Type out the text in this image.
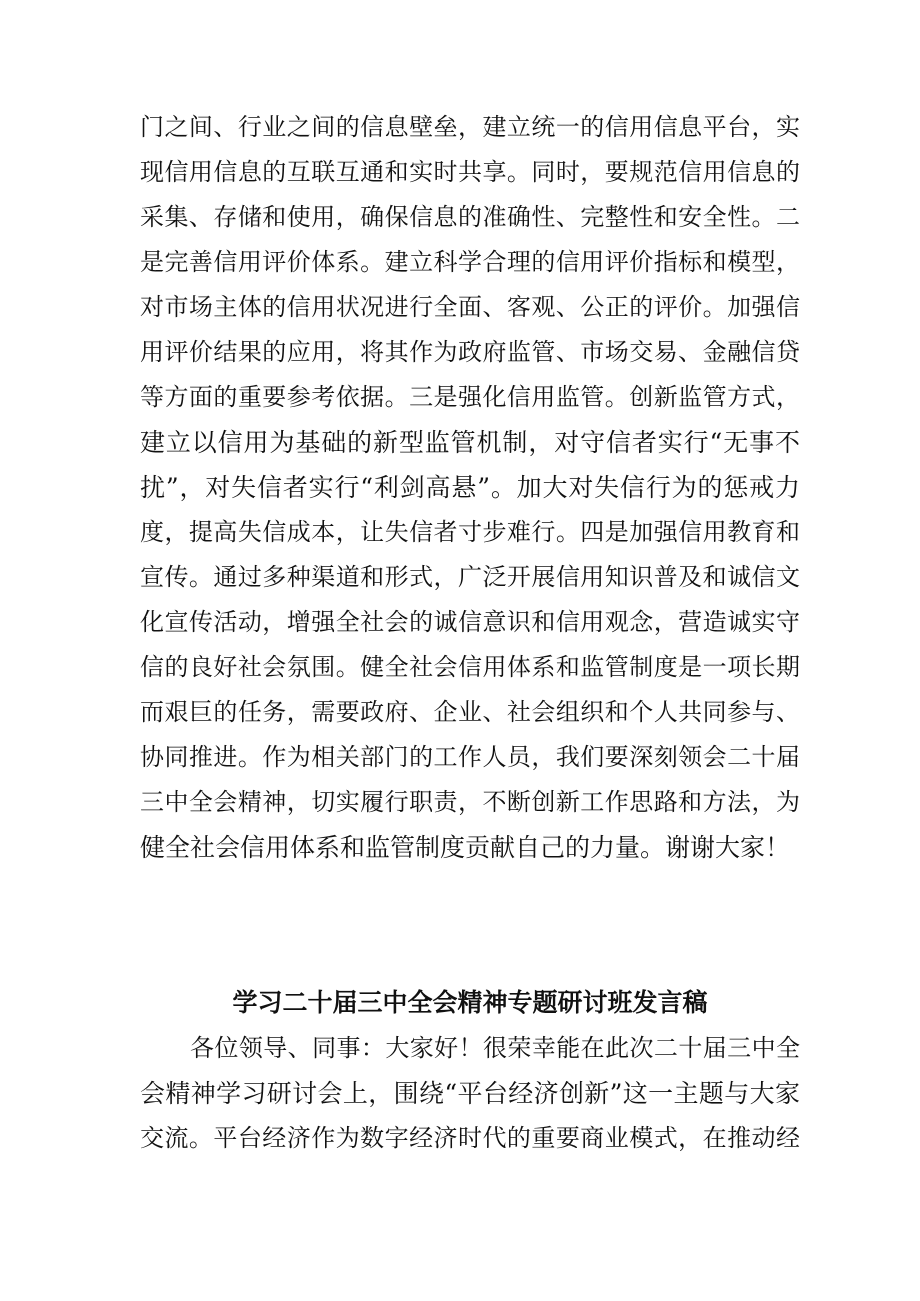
门之间、行业之间的信息壁垒，建立统一的信用信息平台，实
现信用信息的互联互通和实时共享。同时，要规范信用信息的
采集、存储和使用，确保信息的准确性、完整性和安全性。二
是完善信用评价体系。建立科学合理的信用评价指标和模型，
对市场主体的信用状况进行全面、客观、公正的评价。加强信
用评价结果的应用，将其作为政府监管、市场交易、金融信贷
等方面的重要参考依据。三是强化信用监管。创新监管方式，
建立以信用为基础的新型监管机制，对守信者实行“无事不
扰”，对失信者实行“利剑高悬”。加大对失信行为的惩戒力
度，提高失信成本，让失信者寸步难行。四是加强信用教育和
宣传。通过多种渠道和形式，广泛开展信用知识普及和诚信文
化宣传活动，增强全社会的诚信意识和信用观念，营造诚实守
信的良好社会氛围。健全社会信用体系和监管制度是一项长期
而艰巨的任务，需要政府、企业、社会组织和个人共同参与、
协同推进。作为相关部门的工作人员，我们要深刻领会二十届
三中全会精神，切实履行职责，不断创新工作思路和方法，为
健全社会信用体系和监管制度贡献自己的力量。谢谢大家！
学习二十届三中全会精神专题研讨班发言稿
各位领导、同事：大家好！很荣幸能在此次二十届三中全
会精神学习研讨会上，围绕“平台经济创新”这一主题与大家
交流。平台经济作为数字经济时代的重要商业模式，在推动经
